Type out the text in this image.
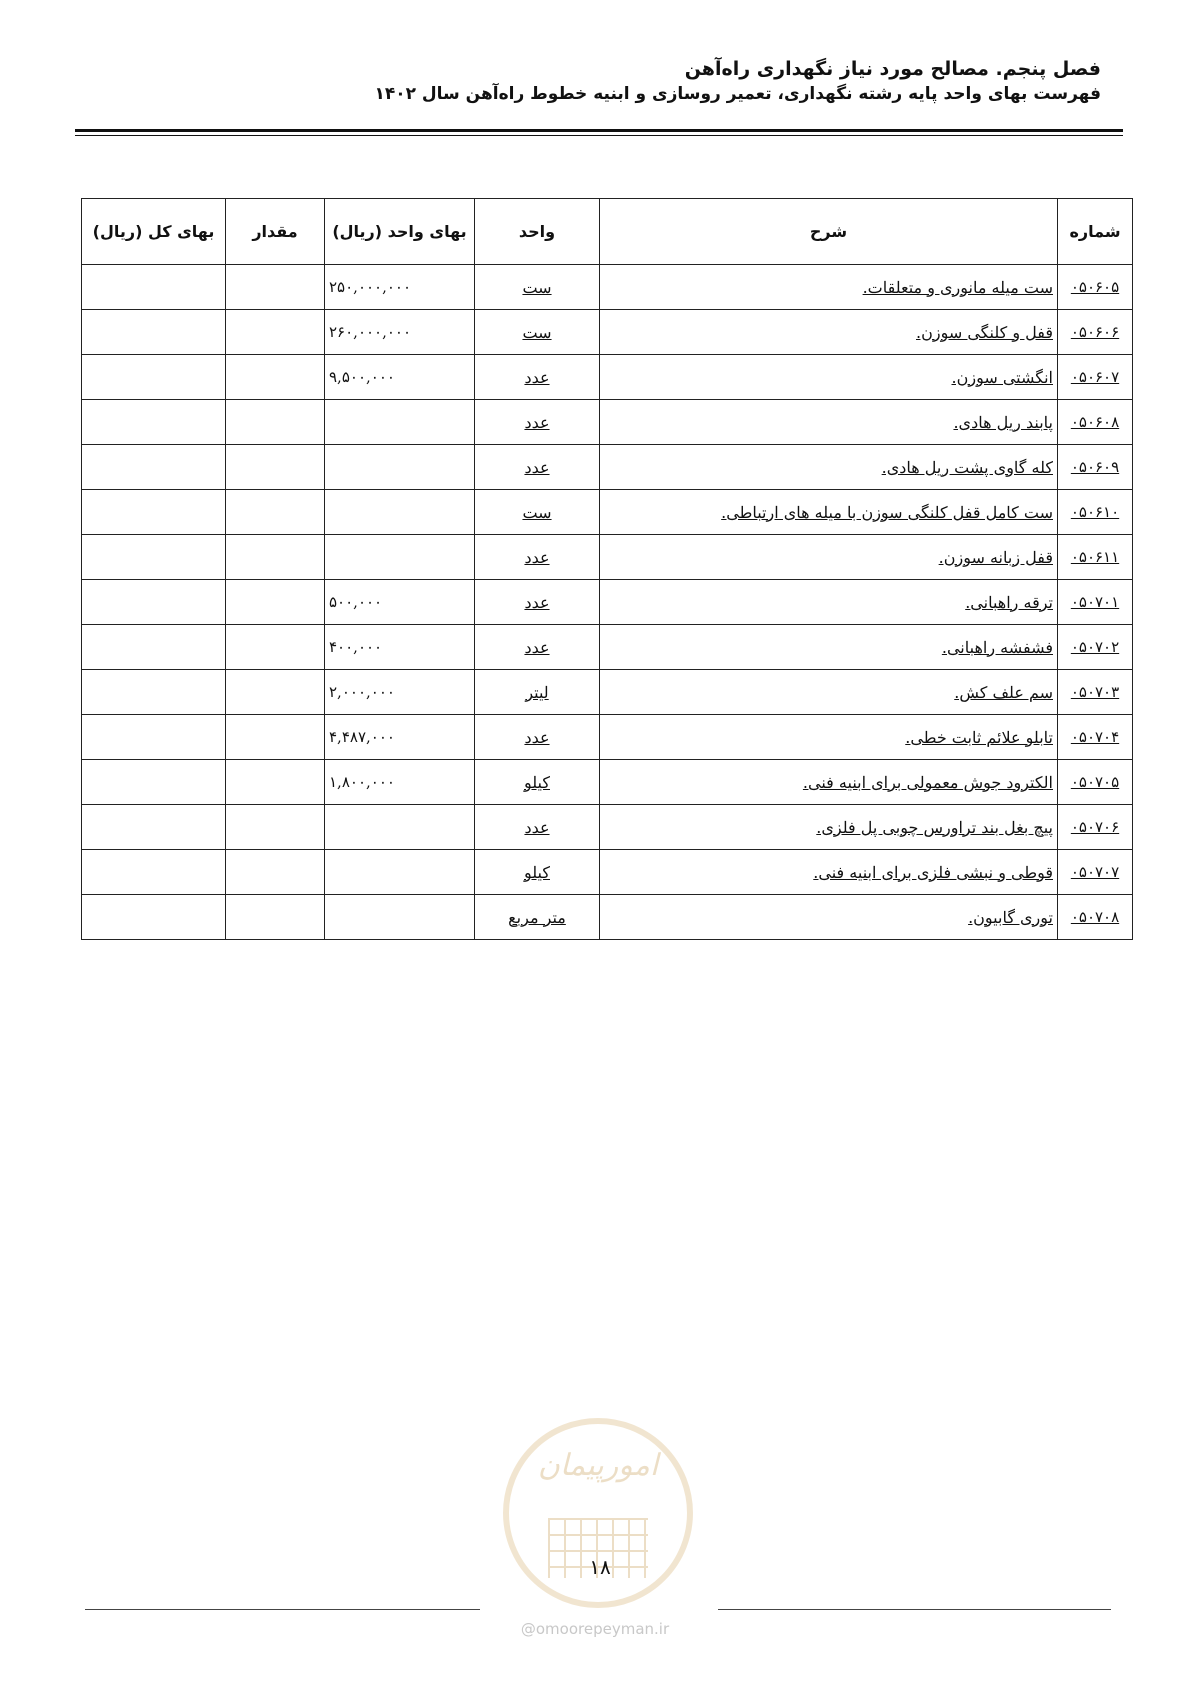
فصل پنجم. مصالح مورد نیاز نگهداری راه‌آهن
فهرست بهای واحد پایه رشته نگهداری، تعمیر روسازی و ابنیه خطوط راه‌آهن سال ۱۴۰۲
شماره	شرح	واحد	بهای واحد (ریال)	مقدار	بهای کل (ریال)
۰۵۰۶۰۵	ست میله مانوری و متعلقات.	ست	۲۵۰,۰۰۰,۰۰۰		
۰۵۰۶۰۶	قفل و کلنگی سوزن.	ست	۲۶۰,۰۰۰,۰۰۰		
۰۵۰۶۰۷	انگشتی سوزن.	عدد	۹,۵۰۰,۰۰۰		
۰۵۰۶۰۸	پابند ریل هادی.	عدد			
۰۵۰۶۰۹	کله گاوی پشت ریل هادی.	عدد			
۰۵۰۶۱۰	ست کامل قفل کلنگی سوزن با میله های ارتباطی.	ست			
۰۵۰۶۱۱	قفل زبانه سوزن.	عدد			
۰۵۰۷۰۱	ترقه راهبانی.	عدد	۵۰۰,۰۰۰		
۰۵۰۷۰۲	فشفشه راهبانی.	عدد	۴۰۰,۰۰۰		
۰۵۰۷۰۳	سم علف کش.	لیتر	۲,۰۰۰,۰۰۰		
۰۵۰۷۰۴	تابلو علائم ثابت خطی.	عدد	۴,۴۸۷,۰۰۰		
۰۵۰۷۰۵	الکترود جوش معمولی برای ابنیه فنی.	کیلو	۱,۸۰۰,۰۰۰		
۰۵۰۷۰۶	پیچ بغل بند تراورس چوبی پل فلزی.	عدد			
۰۵۰۷۰۷	قوطی و نبشی فلزی برای ابنیه فنی.	کیلو			
۰۵۰۷۰۸	توری گابیون.	متر مربع			
امورپیمان
۱۸
@omoorepeyman.ir
